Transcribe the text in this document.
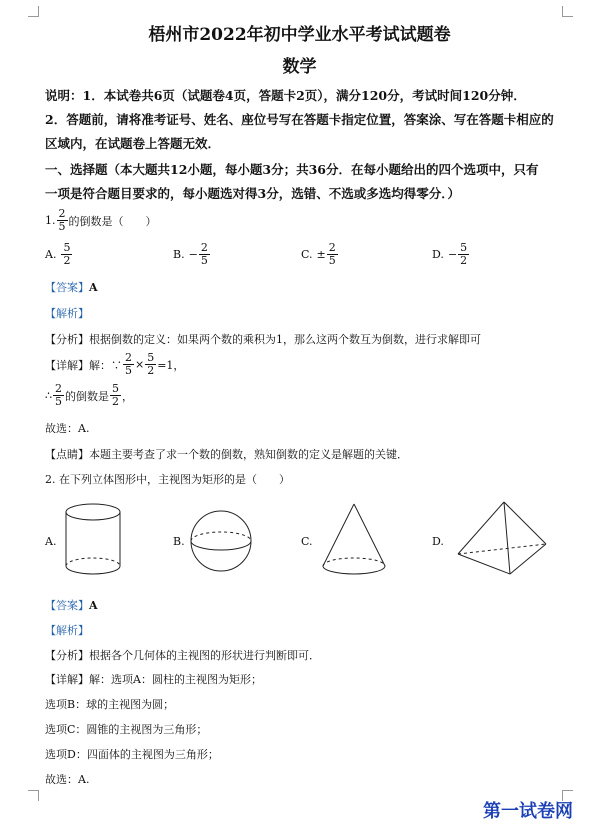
梧州市2022年初中学业水平考试试题卷
数学
说明：1．本试卷共6页（试题卷4页，答题卡2页），满分120分，考试时间120分钟．
2．答题前，请将准考证号、姓名、座位号写在答题卡指定位置，答案涂、写在答题卡相应的
区域内，在试题卷上答题无效．
一、选择题（本大题共12小题，每小题3分；共36分．在每小题给出的四个选项中，只有
一项是符合题目要求的，每小题选对得3分，选错、不选或多选均得零分．）
1. $\frac{2}{5}$ 的倒数是（　　）
A. $\frac{5}{2}$	B. − $\frac{2}{5}$	C. ± $\frac{2}{5}$	D. − $\frac{5}{2}$
【答案】A
【解析】
【分析】根据倒数的定义：如果两个数的乘积为1，那么这两个数互为倒数，进行求解即可
【详解】 解：∵ $\frac{2}{5} \times \frac{5}{2} =1$，
∴ $\frac{2}{5}$ 的倒数是 $\frac{5}{2}$ ，
故选：A.
【点睛】本题主要考查了求一个数的倒数，熟知倒数的定义是解题的关键．
2. 在下列立体图形中，主视图为矩形的是（　　）
A.	B.	C.	D.
【答案】A
【解析】
【分析】根据各个几何体的主视图的形状进行判断即可．
【详解】解：选项A：圆柱的主视图为矩形；
选项B：球的主视图为圆；
选项C：圆锥的主视图为三角形；
选项D：四面体的主视图为三角形；
故选：A.
第一试卷网
